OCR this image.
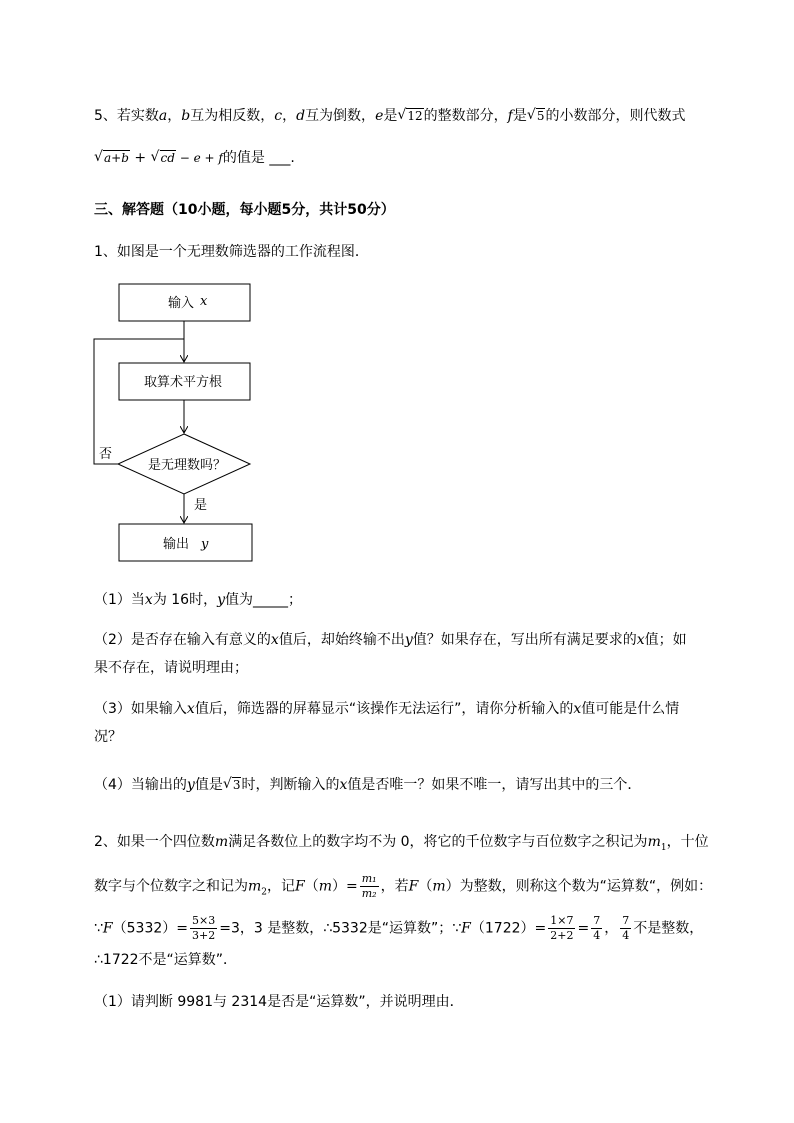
5、若实数a，b互为相反数，c，d互为倒数，e是 √ 12的整数部分，f是 √ 5的小数部分，则代数式
√ a+b + √ cd − e + f的值是 ___.
三、解答题（10小题，每小题5分，共计50分）
1、如图是一个无理数筛选器的工作流程图．
输入 x
取算术平方根
是无理数吗？
否
是
输出 y
（1）当x为 16时，y值为_____；
（2）是否存在输入有意义的x值后，却始终输不出y值？如果存在，写出所有满足要求的x值；如
果不存在，请说明理由；
（3）如果输入x值后，筛选器的屏幕显示“该操作无法运行”，请你分析输入的x值可能是什么情
况？
（4）当输出的y值是 √ 3时，判断输入的x值是否唯一？如果不唯一，请写出其中的三个．
2、如果一个四位数m满足各数位上的数字均不为 0，将它的千位数字与百位数字之积记为$m_1$，十位
数字与个位数字之和记为$m_2$，记$F(m)= \frac{\text{m₁}}{\text{m₂}}$ ，若F（m）为整数，则称这个数为“运算数“，例如：
∵F（5332）= $\frac{5\times 3}{3+2} =3$，3 是整数，∴5332是“运算数”；∵F（1722）= $\frac{1\times 7}{2+2} = \frac{7}{4}$ ， $\frac{7}{4}$ 不是整数，
∴1722不是“运算数”．
（1）请判断 9981与 2314是否是“运算数”，并说明理由．
